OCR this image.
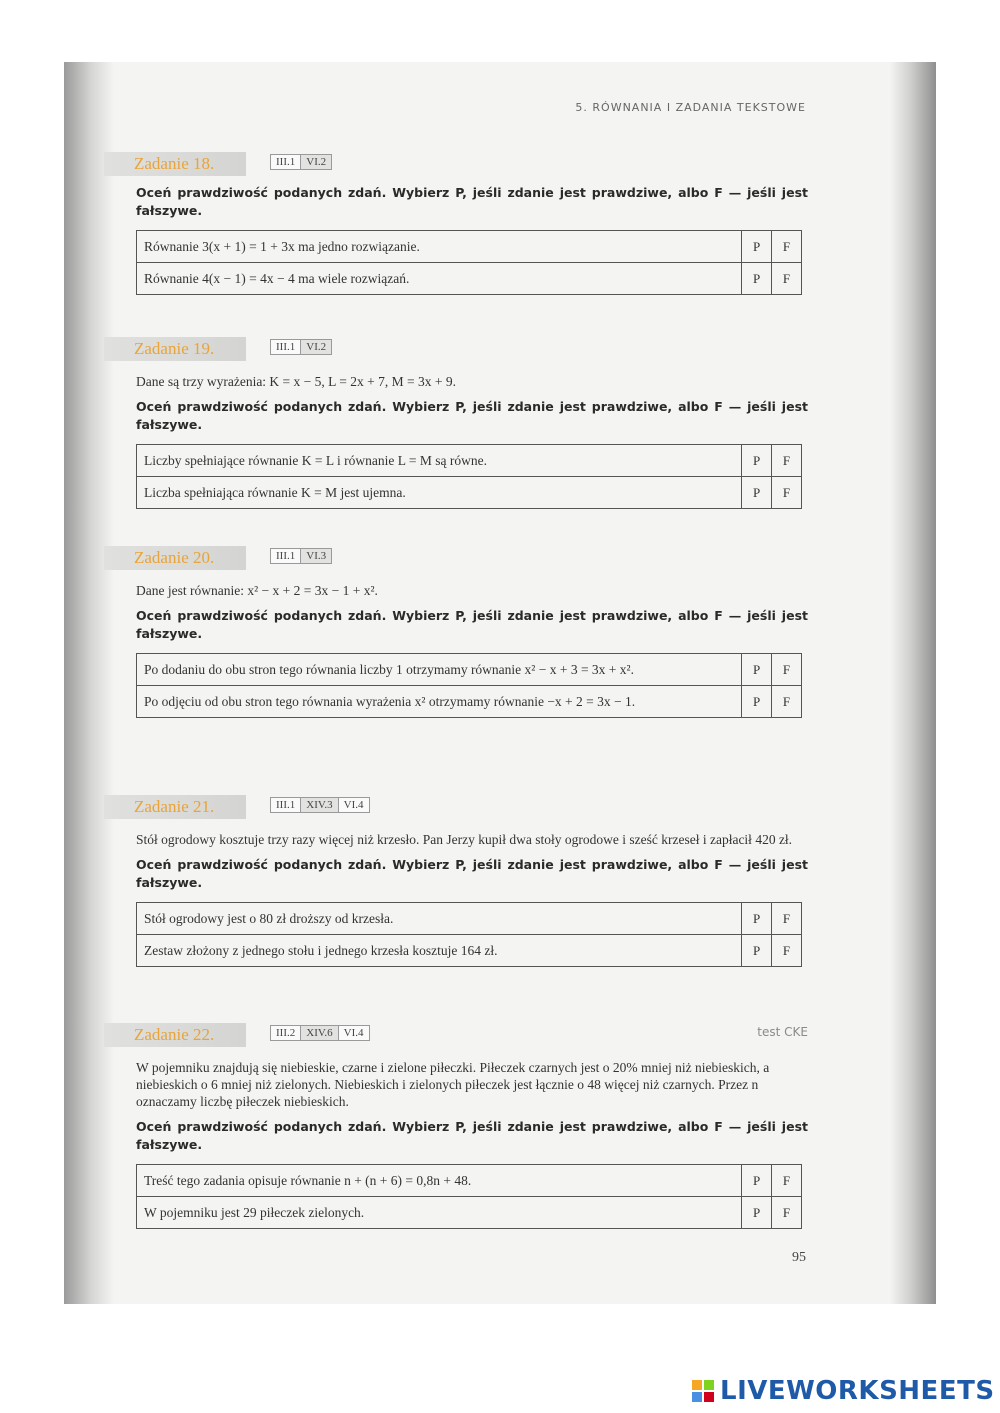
5. RÓWNANIA I ZADANIA TEKSTOWE
Zadanie 18.	III.1	VI.2
Oceń prawdziwość podanych zdań. Wybierz P, jeśli zdanie jest prawdziwe, albo F — jeśli jest fałszywe.
Równanie 3(x + 1) = 1 + 3x ma jedno rozwiązanie.	P	F
Równanie 4(x − 1) = 4x − 4 ma wiele rozwiązań.	P	F
Zadanie 19.	III.1	VI.2
Dane są trzy wyrażenia: K = x − 5, L = 2x + 7, M = 3x + 9.
Oceń prawdziwość podanych zdań. Wybierz P, jeśli zdanie jest prawdziwe, albo F — jeśli jest fałszywe.
Liczby spełniające równanie K = L i równanie L = M są równe.	P	F
Liczba spełniająca równanie K = M jest ujemna.	P	F
Zadanie 20.	III.1	VI.3
Dane jest równanie: x² − x + 2 = 3x − 1 + x².
Oceń prawdziwość podanych zdań. Wybierz P, jeśli zdanie jest prawdziwe, albo F — jeśli jest fałszywe.
Po dodaniu do obu stron tego równania liczby 1 otrzymamy równanie x² − x + 3 = 3x + x².	P	F
Po odjęciu od obu stron tego równania wyrażenia x² otrzymamy równanie −x + 2 = 3x − 1.	P	F
Zadanie 21.	III.1	XIV.3	VI.4
Stół ogrodowy kosztuje trzy razy więcej niż krzesło. Pan Jerzy kupił dwa stoły ogrodowe i sześć krzeseł i zapłacił 420 zł.
Oceń prawdziwość podanych zdań. Wybierz P, jeśli zdanie jest prawdziwe, albo F — jeśli jest fałszywe.
Stół ogrodowy jest o 80 zł droższy od krzesła.	P	F
Zestaw złożony z jednego stołu i jednego krzesła kosztuje 164 zł.	P	F
Zadanie 22.	III.2	XIV.6	VI.4	test CKE
W pojemniku znajdują się niebieskie, czarne i zielone piłeczki. Piłeczek czarnych jest o 20% mniej niż niebieskich, a niebieskich o 6 mniej niż zielonych. Niebieskich i zielonych piłeczek jest łącznie o 48 więcej niż czarnych. Przez n oznaczamy liczbę piłeczek niebieskich.
Oceń prawdziwość podanych zdań. Wybierz P, jeśli zdanie jest prawdziwe, albo F — jeśli jest fałszywe.
Treść tego zadania opisuje równanie n + (n + 6) = 0,8n + 48.	P	F
W pojemniku jest 29 piłeczek zielonych.	P	F
95
LIVEWORKSHEETS
